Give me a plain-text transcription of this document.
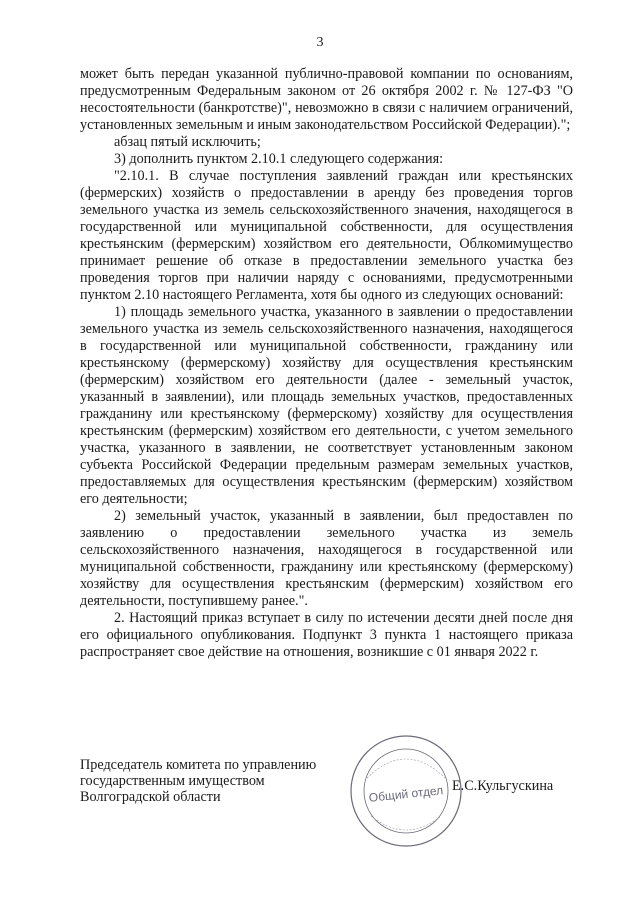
3

может быть передан указанной публично-правовой компании по основаниям, предусмотренным Федеральным законом от 26 октября 2002 г. № 127-ФЗ "О несостоятельности (банкротстве)", невозможно в связи с наличием ограничений, установленных земельным и иным законодательством Российской Федерации).";

абзац пятый исключить;

3) дополнить пунктом 2.10.1 следующего содержания:

"2.10.1. В случае поступления заявлений граждан или крестьянских (фермерских) хозяйств о предоставлении в аренду без проведения торгов земельного участка из земель сельскохозяйственного значения, находящегося в государственной или муниципальной собственности, для осуществления крестьянским (фермерским) хозяйством его деятельности, Облкомимущество принимает решение об отказе в предоставлении земельного участка без проведения торгов при наличии наряду с основаниями, предусмотренными пунктом 2.10 настоящего Регламента, хотя бы одного из следующих оснований:

1) площадь земельного участка, указанного в заявлении о предоставлении земельного участка из земель сельскохозяйственного назначения, находящегося в государственной или муниципальной собственности, гражданину или крестьянскому (фермерскому) хозяйству для осуществления крестьянским (фермерским) хозяйством его деятельности (далее - земельный участок, указанный в заявлении), или площадь земельных участков, предоставленных гражданину или крестьянскому (фермерскому) хозяйству для осуществления крестьянским (фермерским) хозяйством его деятельности, с учетом земельного участка, указанного в заявлении, не соответствует установленным законом субъекта Российской Федерации предельным размерам земельных участков, предоставляемых для осуществления крестьянским (фермерским) хозяйством его деятельности;

2) земельный участок, указанный в заявлении, был предоставлен по заявлению о предоставлении земельного участка из земель сельскохозяйственного назначения, находящегося в государственной или муниципальной собственности, гражданину или крестьянскому (фермерскому) хозяйству для осуществления крестьянским (фермерским) хозяйством его деятельности, поступившему ранее.".

2. Настоящий приказ вступает в силу по истечении десяти дней после дня его официального опубликования. Подпункт 3 пункта 1 настоящего приказа распространяет свое действие на отношения, возникшие с 01 января 2022 г.

Председатель комитета по управлению
государственным имуществом
Волгоградской области	Общий отдел Е.С.Кульгускина
